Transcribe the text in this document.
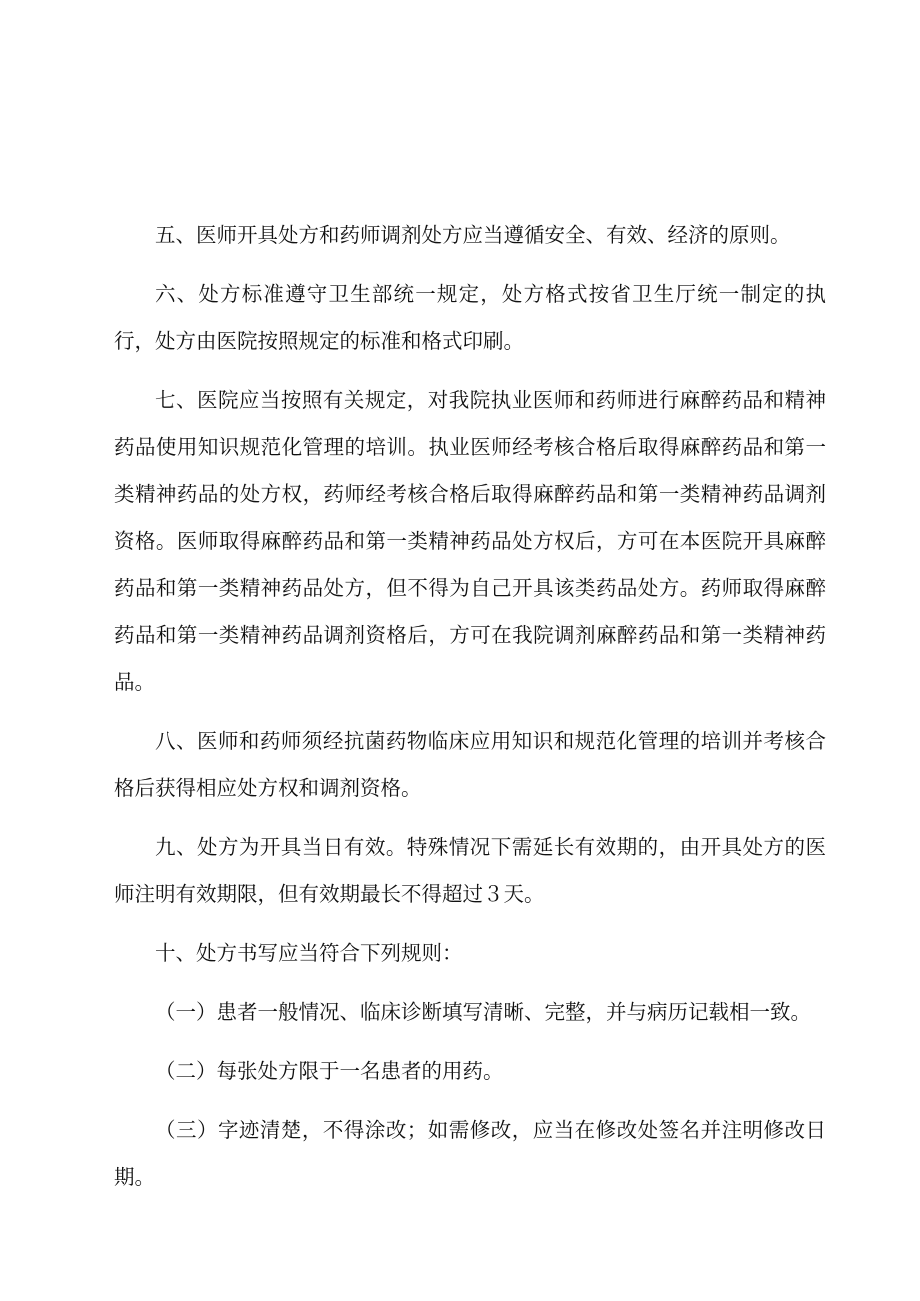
五、医师开具处方和药师调剂处方应当遵循安全、有效、经济的原则。

六、处方标准遵守卫生部统一规定，处方格式按省卫生厅统一制定的执行，处方由医院按照规定的标准和格式印刷。

七、医院应当按照有关规定，对我院执业医师和药师进行麻醉药品和精神药品使用知识规范化管理的培训。执业医师经考核合格后取得麻醉药品和第一类精神药品的处方权，药师经考核合格后取得麻醉药品和第一类精神药品调剂资格。医师取得麻醉药品和第一类精神药品处方权后，方可在本医院开具麻醉药品和第一类精神药品处方，但不得为自己开具该类药品处方。药师取得麻醉药品和第一类精神药品调剂资格后，方可在我院调剂麻醉药品和第一类精神药品。

八、医师和药师须经抗菌药物临床应用知识和规范化管理的培训并考核合格后获得相应处方权和调剂资格。

九、处方为开具当日有效。特殊情况下需延长有效期的，由开具处方的医师注明有效期限，但有效期最长不得超过３天。

十、处方书写应当符合下列规则：

（一）患者一般情况、临床诊断填写清晰、完整，并与病历记载相一致。

（二）每张处方限于一名患者的用药。

（三）字迹清楚，不得涂改；如需修改，应当在修改处签名并注明修改日期。
